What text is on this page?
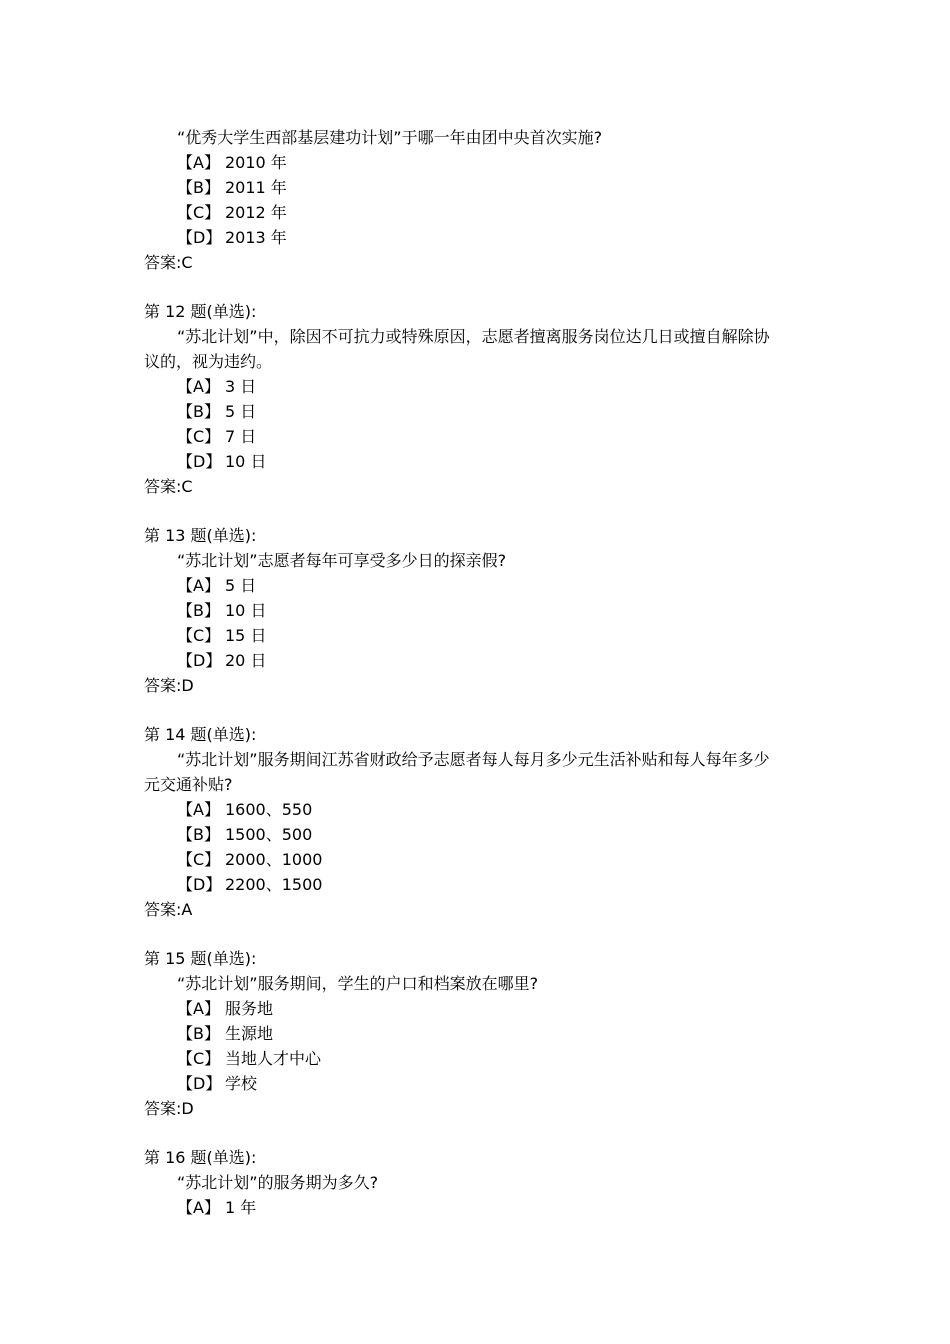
“优秀大学生西部基层建功计划”于哪一年由团中央首次实施?
【A】 2010 年
【B】 2011 年
【C】 2012 年
【D】 2013 年
答案:C
第 12 题(单选):
“苏北计划”中，除因不可抗力或特殊原因，志愿者擅离服务岗位达几日或擅自解除协
议的，视为违约。
【A】 3 日
【B】 5 日
【C】 7 日
【D】 10 日
答案:C
第 13 题(单选):
“苏北计划”志愿者每年可享受多少日的探亲假?
【A】 5 日
【B】 10 日
【C】 15 日
【D】 20 日
答案:D
第 14 题(单选):
“苏北计划”服务期间江苏省财政给予志愿者每人每月多少元生活补贴和每人每年多少
元交通补贴?
【A】 1600、550
【B】 1500、500
【C】 2000、1000
【D】 2200、1500
答案:A
第 15 题(单选):
“苏北计划”服务期间，学生的户口和档案放在哪里?
【A】 服务地
【B】 生源地
【C】 当地人才中心
【D】 学校
答案:D
第 16 题(单选):
“苏北计划”的服务期为多久?
【A】 1 年
